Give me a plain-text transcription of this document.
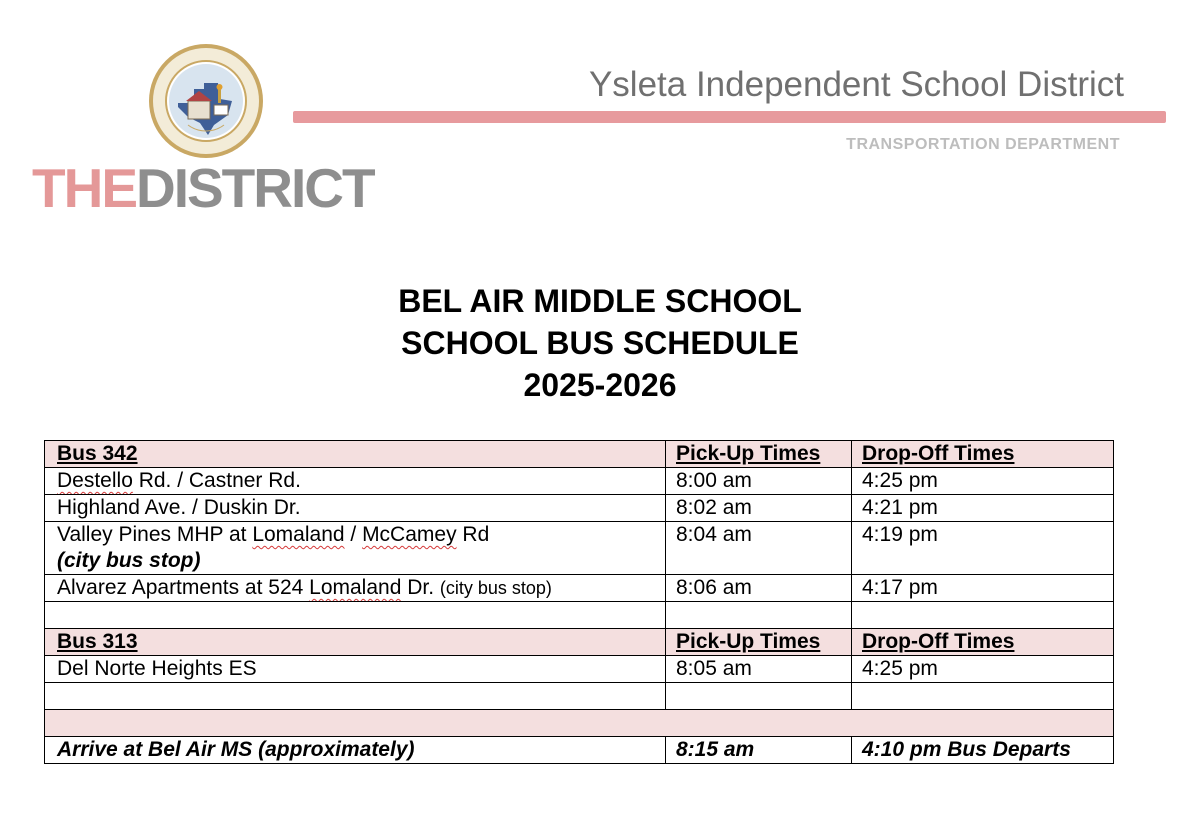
THEDISTRICT
Ysleta Independent School District
TRANSPORTATION DEPARTMENT
BEL AIR MIDDLE SCHOOL
SCHOOL BUS SCHEDULE
2025-2026
Bus 342	Pick-Up Times	Drop-Off Times
Destello Rd. / Castner Rd.	8:00 am	4:25 pm
Highland Ave. / Duskin Dr.	8:02 am	4:21 pm
Valley Pines MHP at Lomaland / McCamey Rd
(city bus stop)	8:04 am	4:19 pm
Alvarez Apartments at 524 Lomaland Dr. (city bus stop)	8:06 am	4:17 pm

Bus 313	Pick-Up Times	Drop-Off Times
Del Norte Heights ES	8:05 am	4:25 pm

Arrive at Bel Air MS (approximately)	8:15 am	4:10 pm Bus Departs
